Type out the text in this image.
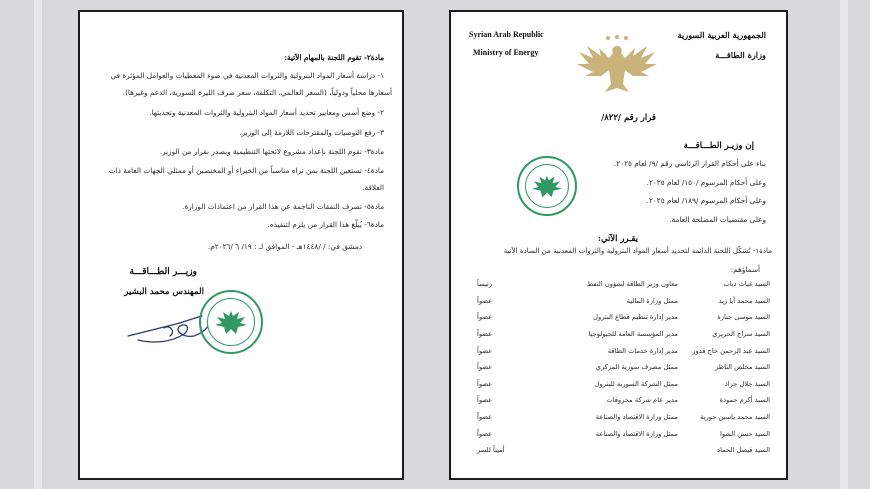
مادة٢- تقوم اللجنة بالمهام الآتية:
١- دراسة أسعار المواد البترولية والثروات المعدنية في ضوء المعطيات والعوامل المؤثرة في
أسعارها محلياً ودولياً، (السعر العالمي، التكلفة، سعر صرف الليرة السورية، الدعم وغيرها).
٢- وضع أسس ومعايير تحديد أسعار المواد البترولية والثروات المعدنية وتحديثها.
٣- رفع التوصيات والمقترحات اللازمة إلى الوزير.
مادة٣- تقوم اللجنة بإعداد مشروع لائحتها التنظيمية ويصدر بقرار من الوزير.
مادة٤- تستعين اللجنة بمن تراه مناسباً من الخبراء أو المختصين أو ممثلي الجهات العامة ذات
العلاقة.
مادة٥- تصرف النفقات الناجمة عن هذا القرار من اعتمادات الوزارة.
مادة٦- يُبلّغ هذا القرار من يلزم لتنفيذه.
دمشق في: / /١٤٤٨هـ - الموافق لـ : ١٩/ ٦ /٢٠٢٦م.
وزيـــر الطـــاقـــة
المهندس محمد البشير
Syrian Arab Republic
Ministry of Energy
الجمهورية العربية السورية
وزارة الطاقـــة
قرار رقم /٨٢٢/
إن وزيـر الطـــاقـــة
بناء على أحكام القرار الرئاسي رقم /٩/ لعام ٢٠٢٥.
وعلى أحكام المرسوم /١٥٠/ لعام ٢٠٢٥.
وعلى أحكام المرسوم /١٨٩/ لعام ٢٠٢٥.
وعلى مقتضيات المصلحة العامة.
يقـرر الآتي:
مادة١- تُشكّل اللجنة الدائمة لتحديد أسعار المواد البترولية والثروات المعدنية من السادة الآتية
أسماؤهم:
السيد غياث دياب	معاون وزير الطاقة لشؤون النفط	رئيساً
السيد محمد أبا زيد	ممثل وزارة المالية	عضواً
السيد موسى جبارة	مدير إدارة تنظيم قطاع البترول	عضواً
السيد سراج الحريري	مدير المؤسسة العامة للجيولوجيا	عضواً
السيد عبد الرحمن حاج قدور	مدير إدارة خدمات الطاقة	عضواً
السيد مخلص الناظر	ممثل مصرف سورية المركزي	عضواً
السيد جلال جراد	ممثل الشركة السورية للبترول	عضواً
السيد أكرم حمودة	مدير عام شركة محروقات	عضواً
السيد محمد ياسين حورية	ممثل وزارة الاقتصاد والصناعة	عضواً
السيد حسن الشوا	ممثل وزارة الاقتصاد والصناعة	عضواً
السيد فيصل الحماد		أميناً للسر
